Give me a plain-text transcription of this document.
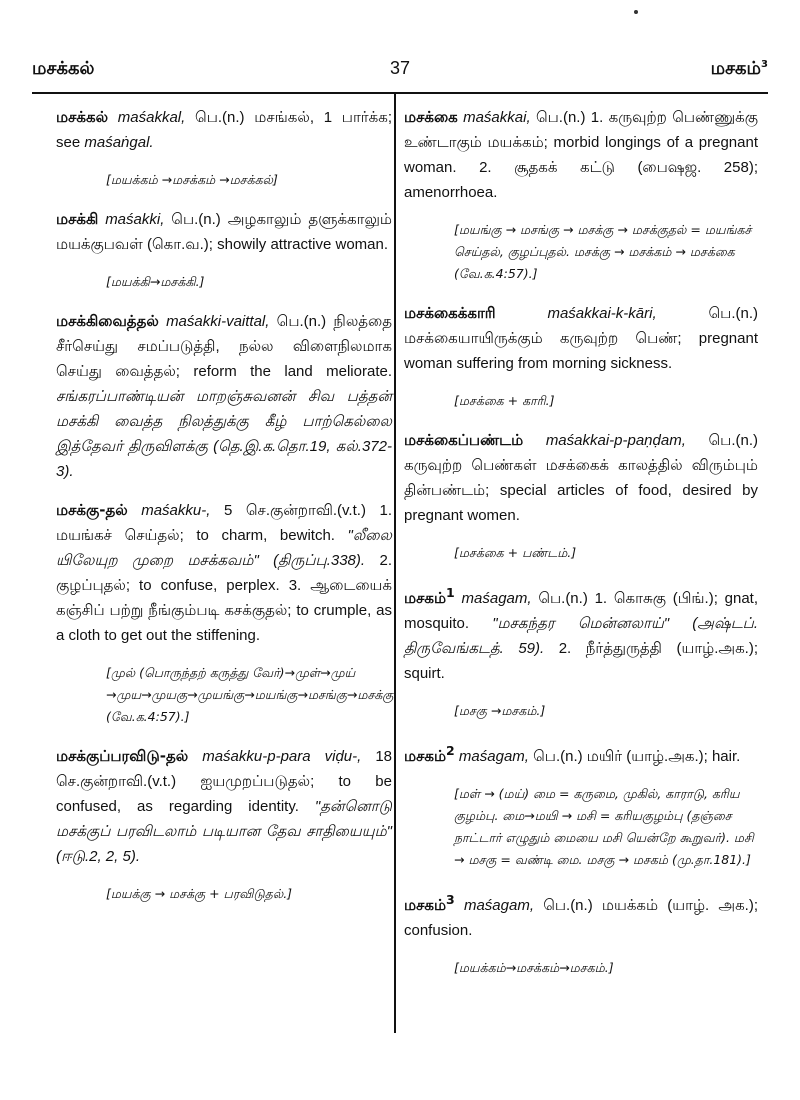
மசக்கல்	37	மசகம்$^3$
மசக்கல் maśakkal, பெ.(n.) மசங்கல், 1 பார்க்க; see maśaṅgal.
[மயக்கம் →மசக்கம் →மசக்கல்]
மசக்கி maśakki, பெ.(n.) அழகாலும் தளுக்காலும் மயக்குபவள் (கொ.வ.); showily attractive woman.
[மயக்கி→மசக்கி.]
மசக்கிவைத்தல் maśakki-vaittal, பெ.(n.) நிலத்தை சீர்செய்து சமப்படுத்தி, நல்ல விளைநிலமாக செய்து வைத்தல்; reform the land meliorate. சங்கரப்பாண்டியன் மாறஞ்சுவனன் சிவ பத்தன் மசக்கி வைத்த நிலத்துக்கு கீழ் பாற்கெல்லை இத்தேவர் திருவிளக்கு (தெ.இ.க.தொ.19, கல்.372-3).
மசக்கு-தல் maśakku-, 5 செ.குன்றாவி.(v.t.) 1. மயங்கச் செய்தல்; to charm, bewitch. "லீலை யிலேயுற முறை மசக்கவம்" (திருப்பு.338). 2. குழப்புதல்; to confuse, perplex. 3. ஆடையைக் கஞ்சிப் பற்று நீங்கும்படி கசக்குதல்; to crumple, as a cloth to get out the stiffening.
[முல் (பொருந்தற் கருத்து வேர்)→முள்→முய் →முய→முயகு→முயங்கு→மயங்கு→மசங்கு→மசக்கு (வே.க.4:57).]
மசக்குப்பரவிடு-தல் maśakku-p-para viḍu-, 18 செ.குன்றாவி.(v.t.) ஐயமுறப்படுதல்; to be confused, as regarding identity. "தன்னொடு மசக்குப் பரவிடலாம் படியான தேவ சாதியையும்" (ஈடு.2, 2, 5).
[மயக்கு → மசக்கு + பரவிடுதல்.]
மசக்கை maśakkai, பெ.(n.) 1. கருவுற்ற பெண்ணுக்கு உண்டாகும் மயக்கம்; morbid longings of a pregnant woman. 2. சூதகக் கட்டு (பைஷஜ. 258); amenorrhoea.
[மயங்கு → மசங்கு → மசக்கு → மசக்குதல் = மயங்கச் செய்தல், குழப்புதல். மசக்கு → மசக்கம் → மசக்கை (வே.க.4:57).]
மசக்கைக்காரி	maśakkai-k-kāri,	பெ.(n.) மசக்கையாயிருக்கும் கருவுற்ற பெண்; pregnant woman suffering from morning sickness.
[மசக்கை + காரி.]
மசக்கைப்பண்டம் maśakkai-p-paṇḍam, பெ.(n.) கருவுற்ற பெண்கள் மசக்கைக் காலத்தில் விரும்பும் தின்பண்டம்; special articles of food, desired by pregnant women.
[மசக்கை + பண்டம்.]
மசகம்$^1$ maśagam, பெ.(n.) 1. கொசுகு (பிங்.); gnat, mosquito. "மசகந்தர மென்னலாய்" (அஷ்டப். திருவேங்கடத். 59). 2. நீர்த்துருத்தி (யாழ்.அக.); squirt.
[மசகு →மசகம்.]
மசகம்$^2$ maśagam, பெ.(n.) மயிர் (யாழ்.அக.); hair.
[மள் → (மய்) மை = கருமை, முகில், காராடு, கரிய குழம்பு. மை→மயி → மசி = கரியகுழம்பு (தஞ்சை நாட்டார் எழுதும் மையை மசி யென்றே கூறுவர்). மசி → மசகு = வண்டி மை. மசகு → மசகம் (மு.தா.181).]
மசகம்$^3$ maśagam, பெ.(n.) மயக்கம் (யாழ். அக.); confusion.
[மயக்கம்→மசக்கம்→மசகம்.]
